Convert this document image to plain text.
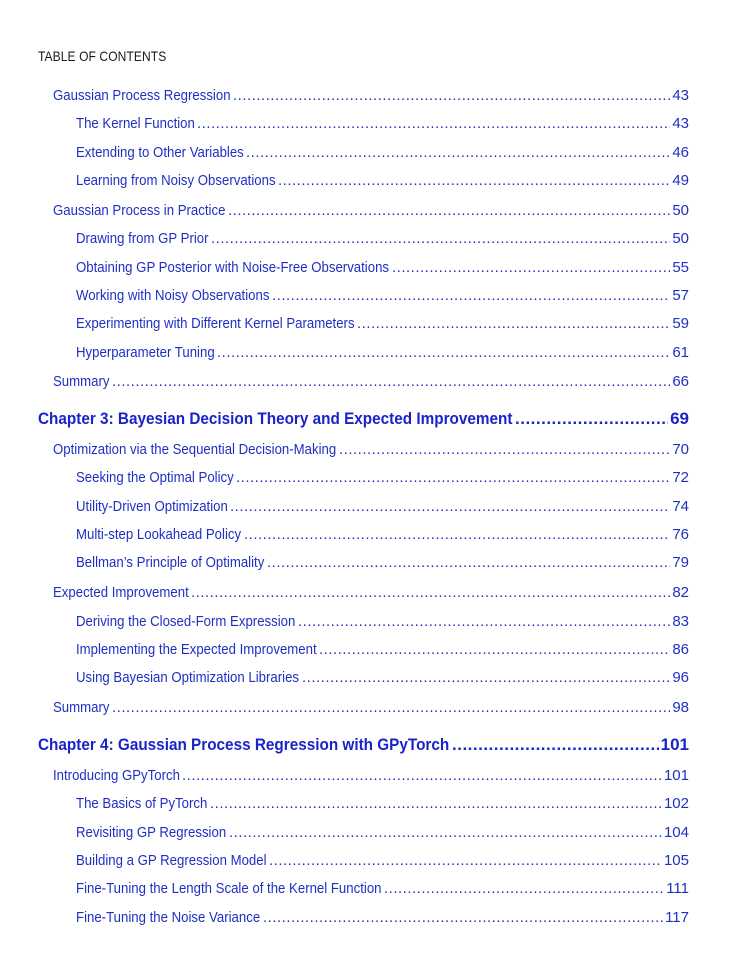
TABLE OF CONTENTS
Gaussian Process Regression .....	43
The Kernel Function .....	43
Extending to Other Variables .....	46
Learning from Noisy Observations .....	49
Gaussian Process in Practice .....	50
Drawing from GP Prior .....	50
Obtaining GP Posterior with Noise-Free Observations .....	55
Working with Noisy Observations .....	57
Experimenting with Different Kernel Parameters .....	59
Hyperparameter Tuning .....	61
Summary .....	66
Chapter 3: Bayesian Decision Theory and Expected Improvement .....	69
Optimization via the Sequential Decision-Making .....	70
Seeking the Optimal Policy .....	72
Utility-Driven Optimization .....	74
Multi-step Lookahead Policy .....	76
Bellman’s Principle of Optimality .....	79
Expected Improvement .....	82
Deriving the Closed-Form Expression .....	83
Implementing the Expected Improvement .....	86
Using Bayesian Optimization Libraries .....	96
Summary .....	98
Chapter 4: Gaussian Process Regression with GPyTorch .....	101
Introducing GPyTorch .....	101
The Basics of PyTorch .....	102
Revisiting GP Regression .....	104
Building a GP Regression Model .....	105
Fine-Tuning the Length Scale of the Kernel Function .....	111
Fine-Tuning the Noise Variance .....	117
